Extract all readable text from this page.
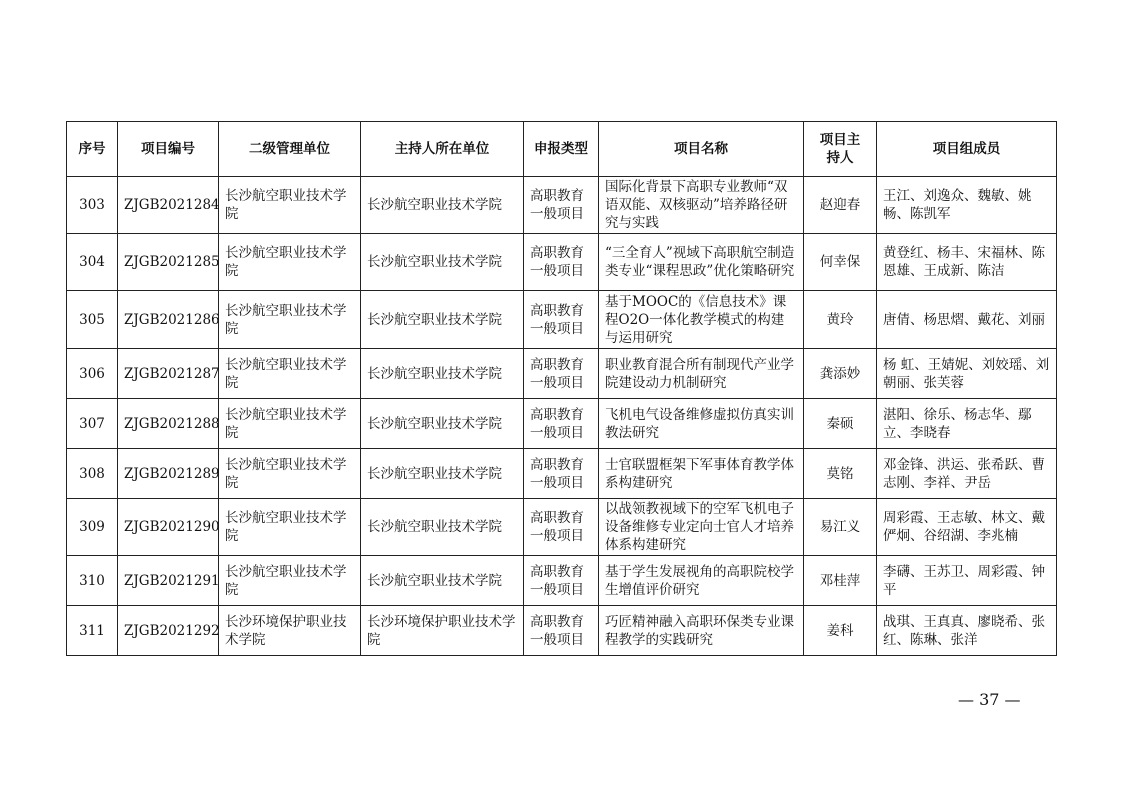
序号	项目编号	二级管理单位	主持人所在单位	申报类型	项目名称	项目主持人	项目组成员
303	ZJGB2021284	长沙航空职业技术学院	长沙航空职业技术学院	高职教育一般项目	国际化背景下高职专业教师“双语双能、双核驱动”培养路径研究与实践	赵迎春	王江、刘逸众、魏敏、姚畅、陈凯军
304	ZJGB2021285	长沙航空职业技术学院	长沙航空职业技术学院	高职教育一般项目	“三全育人”视域下高职航空制造类专业“课程思政”优化策略研究	何幸保	黄登红、杨丰、宋福林、陈恩雄、王成新、陈洁
305	ZJGB2021286	长沙航空职业技术学院	长沙航空职业技术学院	高职教育一般项目	基于MOOC的《信息技术》课程O2O一体化教学模式的构建与运用研究	黄玲	唐倩、杨思熠、戴花、刘丽
306	ZJGB2021287	长沙航空职业技术学院	长沙航空职业技术学院	高职教育一般项目	职业教育混合所有制现代产业学院建设动力机制研究	龚添妙	杨 虹、王婧妮、刘姣瑶、刘朝丽、张芙蓉
307	ZJGB2021288	长沙航空职业技术学院	长沙航空职业技术学院	高职教育一般项目	飞机电气设备维修虚拟仿真实训教法研究	秦硕	湛阳、徐乐、杨志华、鄢立、李晓春
308	ZJGB2021289	长沙航空职业技术学院	长沙航空职业技术学院	高职教育一般项目	士官联盟框架下军事体育教学体系构建研究	莫铭	邓金锋、洪运、张希跃、曹志刚、李祥、尹岳
309	ZJGB2021290	长沙航空职业技术学院	长沙航空职业技术学院	高职教育一般项目	以战领教视域下的空军飞机电子设备维修专业定向士官人才培养体系构建研究	易江义	周彩霞、王志敏、林文、戴俨炯、谷绍湖、李兆楠
310	ZJGB2021291	长沙航空职业技术学院	长沙航空职业技术学院	高职教育一般项目	基于学生发展视角的高职院校学生增值评价研究	邓桂萍	李礴、王苏卫、周彩霞、钟平
311	ZJGB2021292	长沙环境保护职业技术学院	长沙环境保护职业技术学院	高职教育一般项目	巧匠精神融入高职环保类专业课程教学的实践研究	姜科	战琪、王真真、廖晓希、张红、陈琳、张洋
— 37 —
